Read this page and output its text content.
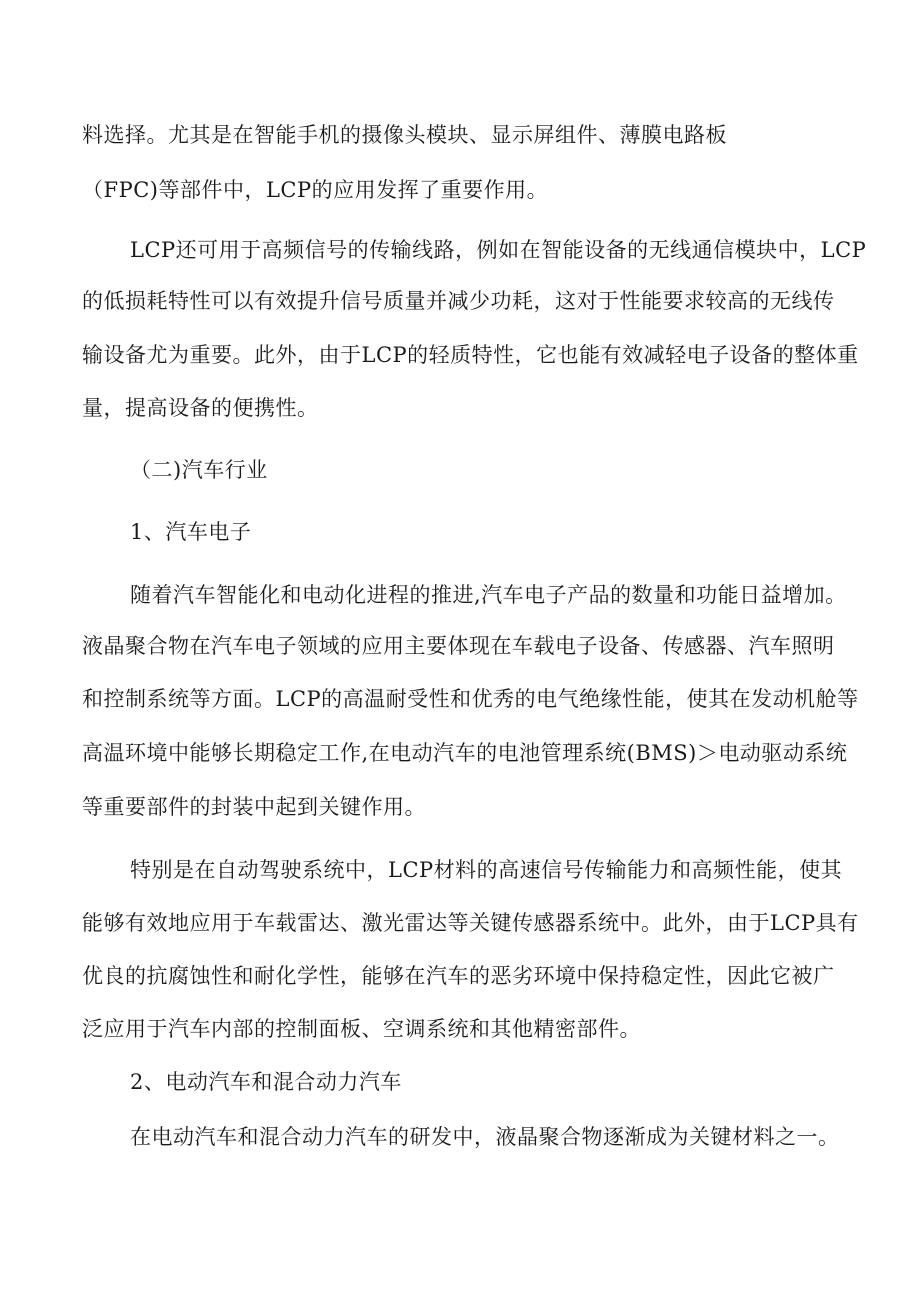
料选择。尤其是在智能手机的摄像头模块、显示屏组件、薄膜电路板
（FPC)等部件中，LCP的应用发挥了重要作用。
LCP还可用于高频信号的传输线路，例如在智能设备的无线通信模块中，LCP
的低损耗特性可以有效提升信号质量并减少功耗，这对于性能要求较高的无线传
输设备尤为重要。此外，由于LCP的轻质特性，它也能有效减轻电子设备的整体重
量，提高设备的便携性。
（二)汽车行业
1、汽车电子
随着汽车智能化和电动化进程的推进,汽车电子产品的数量和功能日益增加。
液晶聚合物在汽车电子领域的应用主要体现在车载电子设备、传感器、汽车照明
和控制系统等方面。LCP的高温耐受性和优秀的电气绝缘性能，使其在发动机舱等
高温环境中能够长期稳定工作,在电动汽车的电池管理系统(BMS)＞电动驱动系统
等重要部件的封装中起到关键作用。
特别是在自动驾驶系统中，LCP材料的高速信号传输能力和高频性能，使其
能够有效地应用于车载雷达、激光雷达等关键传感器系统中。此外，由于LCP具有
优良的抗腐蚀性和耐化学性，能够在汽车的恶劣环境中保持稳定性，因此它被广
泛应用于汽车内部的控制面板、空调系统和其他精密部件。
2、电动汽车和混合动力汽车
在电动汽车和混合动力汽车的研发中，液晶聚合物逐渐成为关键材料之一。
